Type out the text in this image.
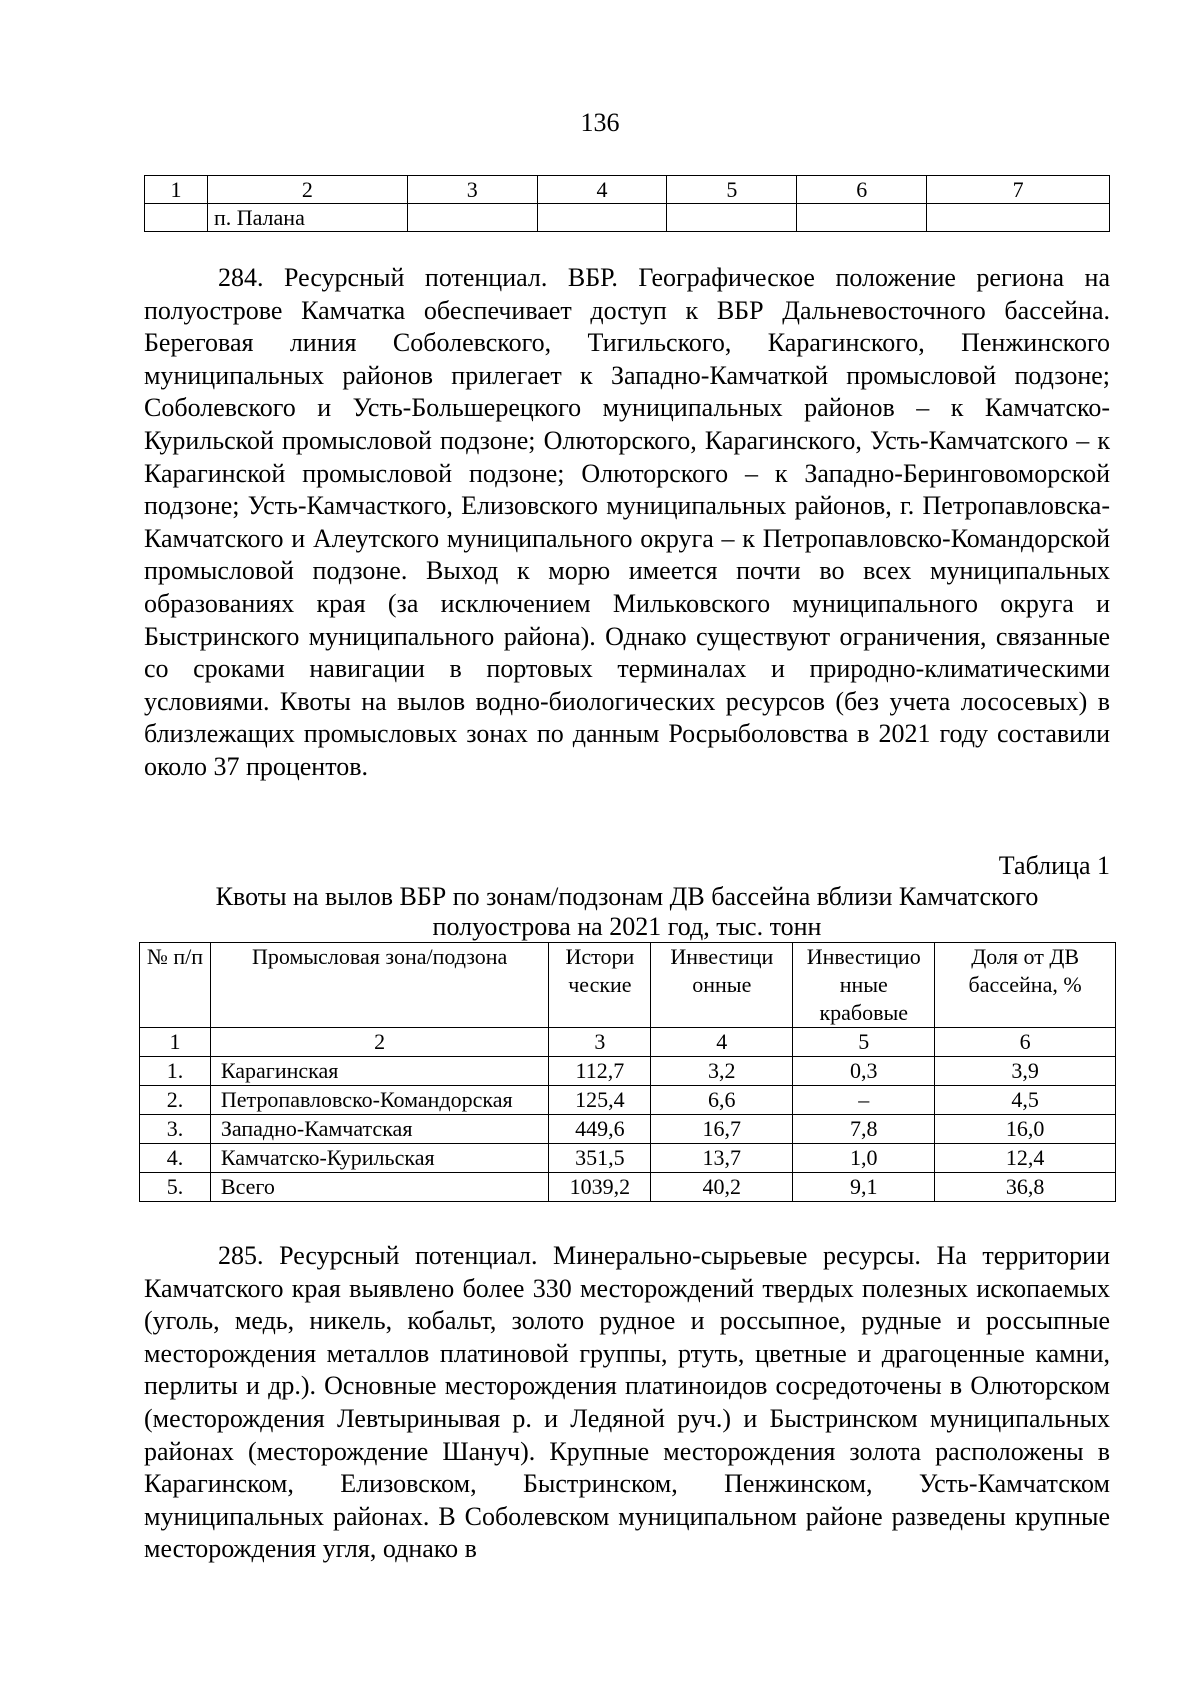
136
1	2	3	4	5	6	7
	п. Палана					

284. Ресурсный потенциал. ВБР. Географическое положение региона на полуострове Камчатка обеспечивает доступ к ВБР Дальневосточного бассейна. Береговая линия Соболевского, Тигильского, Карагинского, Пенжинского муниципальных районов прилегает к Западно-Камчаткой промысловой подзоне; Соболевского и Усть-Большерецкого муниципальных районов – к Камчатско-Курильской промысловой подзоне; Олюторского, Карагинского, Усть-Камчатского – к Карагинской промысловой подзоне; Олюторского – к Западно-Беринговоморской подзоне; Усть-Камчасткого, Елизовского муниципальных районов, г. Петропавловска-Камчатского и Алеутского муниципального округа – к Петропавловско-Командорской промысловой подзоне. Выход к морю имеется почти во всех муниципальных образованиях края (за исключением Мильковского муниципального округа и Быстринского муниципального района). Однако существуют ограничения, связанные со сроками навигации в портовых терминалах и природно-климатическими условиями. Квоты на вылов водно-биологических ресурсов (без учета лососевых) в близлежащих промысловых зонах по данным Росрыболовства в 2021 году составили около 37 процентов.

Таблица 1
Квоты на вылов ВБР по зонам/подзонам ДВ бассейна вблизи Камчатского полуострова на 2021 год, тыс. тонн
№ п/п	Промысловая зона/подзона	Истори ческие	Инвестици онные	Инвестицио нные крабовые	Доля от ДВ бассейна, %
1	2	3	4	5	6
1.	Карагинская	112,7	3,2	0,3	3,9
2.	Петропавловско-Командорская	125,4	6,6	–	4,5
3.	Западно-Камчатская	449,6	16,7	7,8	16,0
4.	Камчатско-Курильская	351,5	13,7	1,0	12,4
5.	Всего	1039,2	40,2	9,1	36,8

285. Ресурсный потенциал. Минерально-сырьевые ресурсы. На территории Камчатского края выявлено более 330 месторождений твердых полезных ископаемых (уголь, медь, никель, кобальт, золото рудное и россыпное, рудные и россыпные месторождения металлов платиновой группы, ртуть, цветные и драгоценные камни, перлиты и др.). Основные месторождения платиноидов сосредоточены в Олюторском (месторождения Левтыринывая р. и Ледяной руч.) и Быстринском муниципальных районах (месторождение Шануч). Крупные месторождения золота расположены в Карагинском, Елизовском, Быстринском, Пенжинском, Усть-Камчатском муниципальных районах. В Соболевском муниципальном районе разведены крупные месторождения угля, однако в
